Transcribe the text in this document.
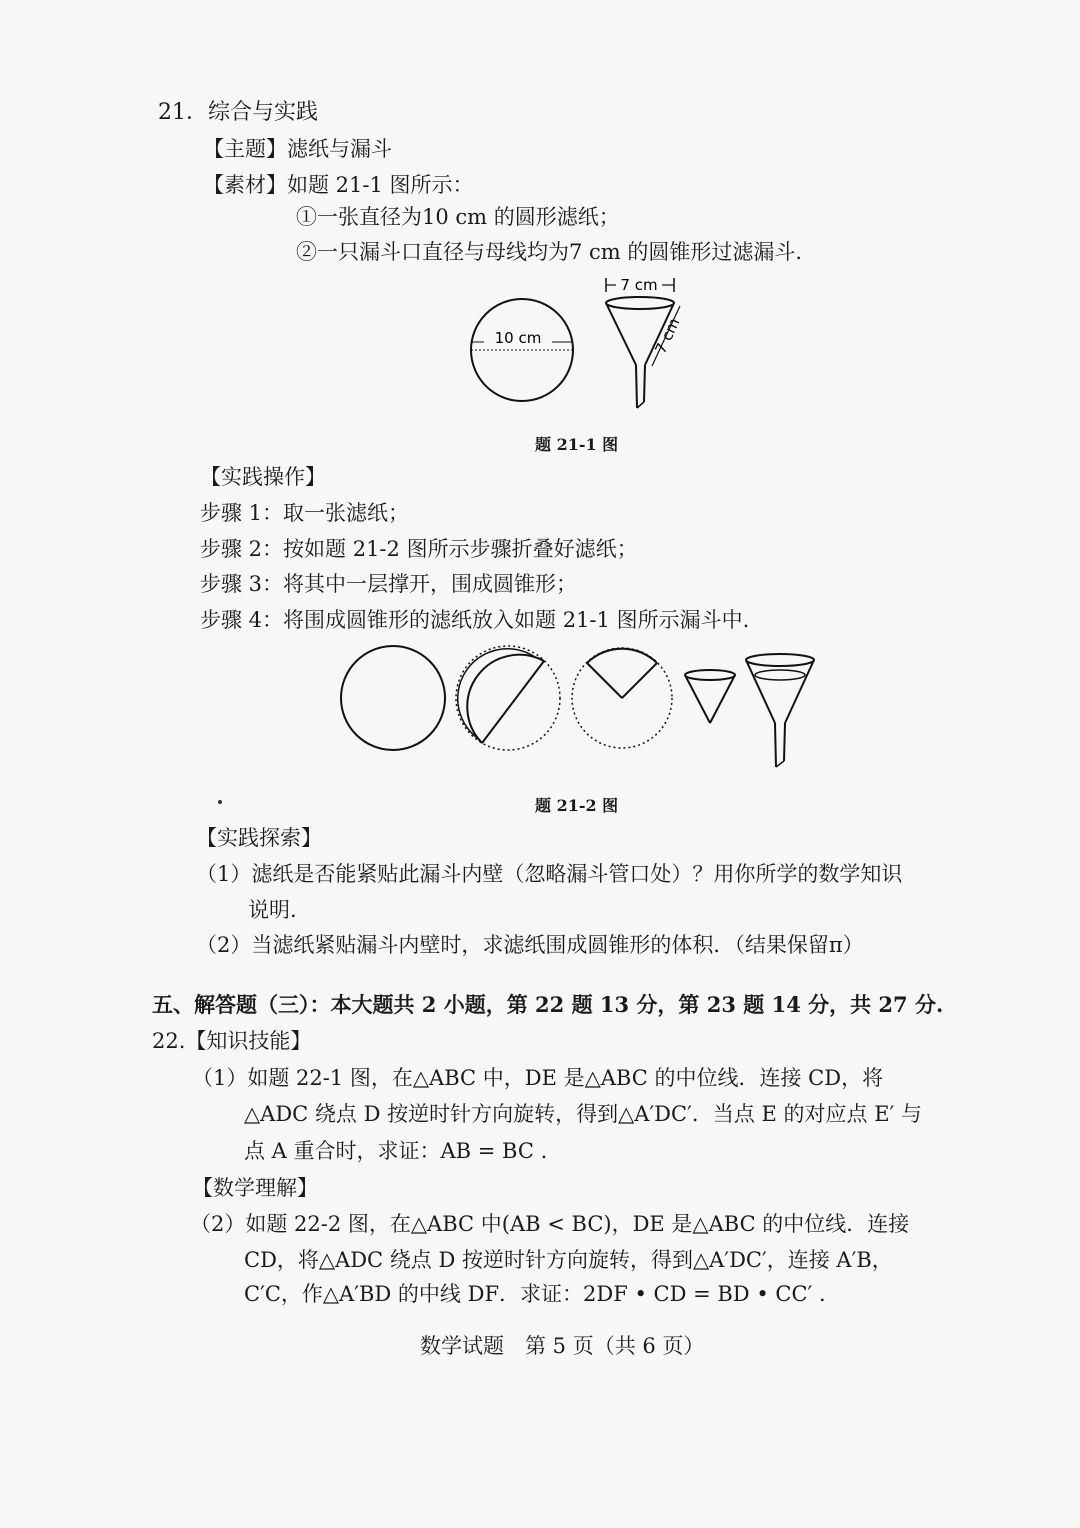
21．综合与实践
【主题】滤纸与漏斗
【素材】如题 21-1 图所示：
①一张直径为10 cm 的圆形滤纸；
②一只漏斗口直径与母线均为7 cm 的圆锥形过滤漏斗.
10 cm
7 cm
7 cm
题 21-1 图
【实践操作】
步骤 1：取一张滤纸；
步骤 2：按如题 21-2 图所示步骤折叠好滤纸；
步骤 3：将其中一层撑开，围成圆锥形；
步骤 4：将围成圆锥形的滤纸放入如题 21-1 图所示漏斗中.
题 21-2 图
【实践探索】
（1）滤纸是否能紧贴此漏斗内壁（忽略漏斗管口处）？用你所学的数学知识
说明.
（2）当滤纸紧贴漏斗内壁时，求滤纸围成圆锥形的体积．（结果保留π）
五、解答题（三）：本大题共 2 小题，第 22 题 13 分，第 23 题 14 分，共 27 分.
22.【知识技能】
（1）如题 22-1 图，在△ABC 中，DE 是△ABC 的中位线．连接 CD，将
△ADC 绕点 D 按逆时针方向旋转，得到△A′DC′．当点 E 的对应点 E′ 与
点 A 重合时，求证：AB = BC .
【数学理解】
（2）如题 22-2 图，在△ABC 中(AB < BC)，DE 是△ABC 的中位线．连接
CD，将△ADC 绕点 D 按逆时针方向旋转，得到△A′DC′，连接 A′B，
C′C，作△A′BD 的中线 DF．求证：2DF • CD = BD • CC′ .
数学试题　第 5 页（共 6 页）
